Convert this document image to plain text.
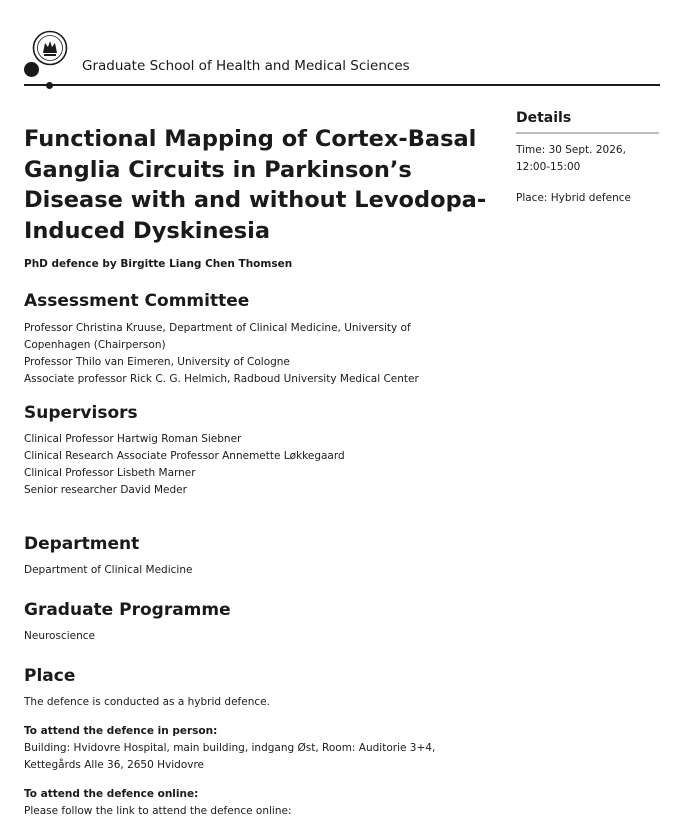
Graduate School of Health and Medical Sciences
Functional Mapping of Cortex-Basal Ganglia Circuits in Parkinson’s Disease with and without Levodopa-Induced Dyskinesia
PhD defence by Birgitte Liang Chen Thomsen
Assessment Committee
Professor Christina Kruuse, Department of Clinical Medicine, University of
Copenhagen (Chairperson)
Professor Thilo van Eimeren, University of Cologne
Associate professor Rick C. G. Helmich, Radboud University Medical Center
Supervisors
Clinical Professor Hartwig Roman Siebner
Clinical Research Associate Professor Annemette Løkkegaard
Clinical Professor Lisbeth Marner
Senior researcher David Meder
Department
Department of Clinical Medicine
Graduate Programme
Neuroscience
Place
The defence is conducted as a hybrid defence.
To attend the defence in person:
Building: Hvidovre Hospital, main building, indgang Øst, Room: Auditorie 3+4,
Kettegårds Alle 36, 2650 Hvidovre
To attend the defence online:
Please follow the link to attend the defence online:
Details
Time: 30 Sept. 2026,
12:00-15:00
Place: Hybrid defence
